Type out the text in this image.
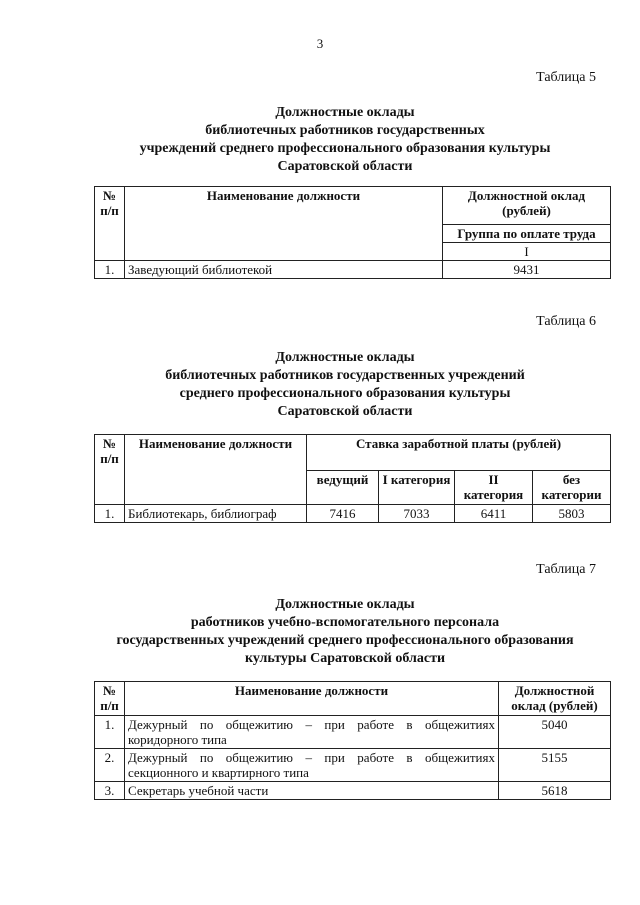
3
Таблица 5
Должностные оклады
библиотечных работников государственных
учреждений среднего профессионального образования культуры
Саратовской области
№ п/п	Наименование должности	Должностной оклад (рублей)
		Группа по оплате труда
		I
1.	Заведующий библиотекой	9431
Таблица 6
Должностные оклады
библиотечных работников государственных учреждений
среднего профессионального образования культуры
Саратовской области
№ п/п	Наименование должности	Ставка заработной платы (рублей)			
		ведущий	I категория	II категория	без категории
1.	Библиотекарь, библиограф	7416	7033	6411	5803
Таблица 7
Должностные оклады
работников учебно-вспомогательного персонала
государственных учреждений среднего профессионального образования
культуры Саратовской области
№ п/п	Наименование должности	Должностной оклад (рублей)
1.	Дежурный по общежитию – при работе в общежитиях коридорного типа	5040
2.	Дежурный по общежитию – при работе в общежитиях секционного и квартирного типа	5155
3.	Секретарь учебной части	5618
